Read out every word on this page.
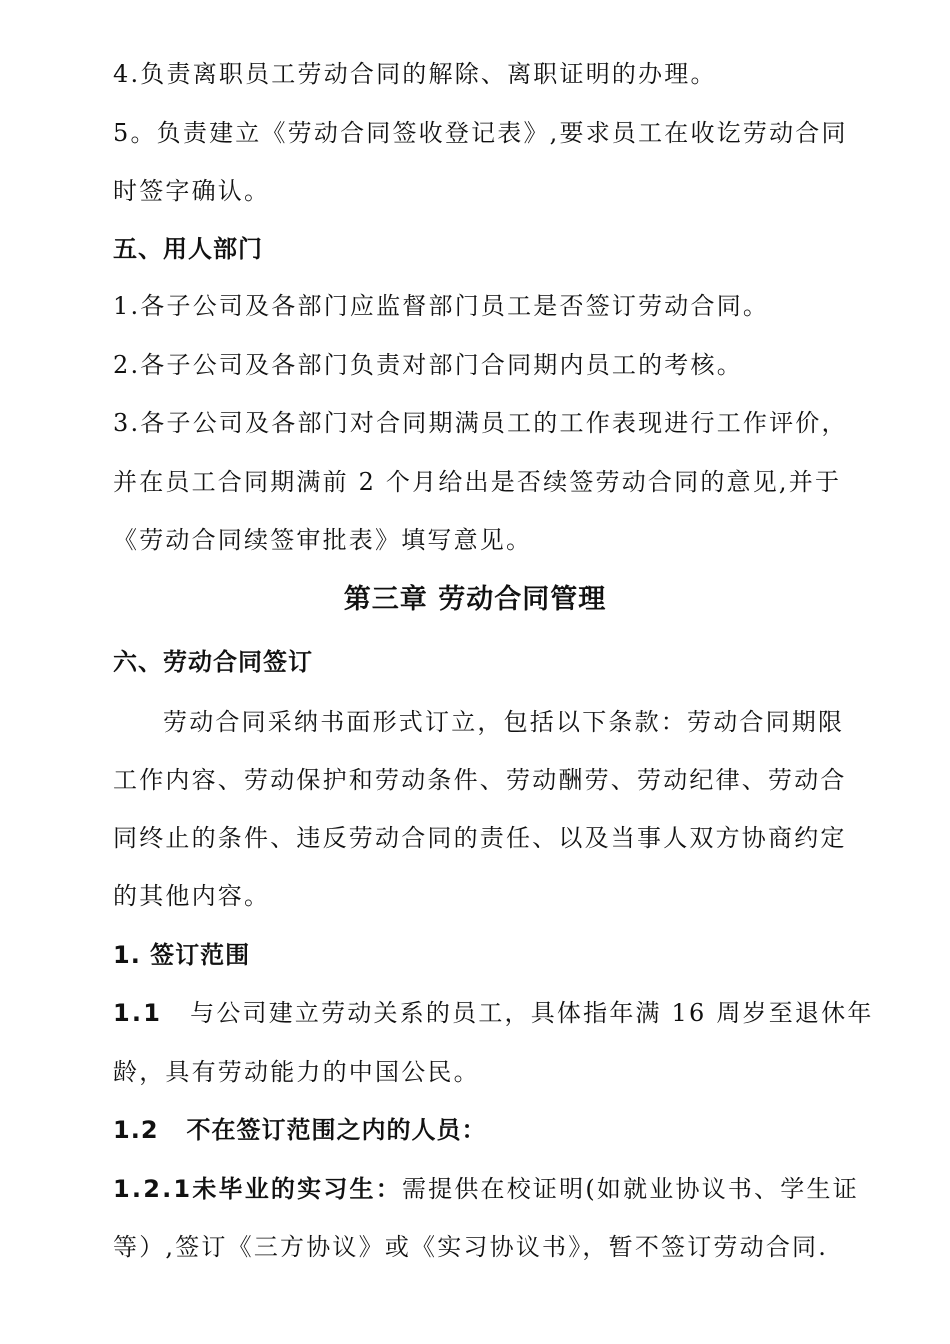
4.负责离职员工劳动合同的解除、离职证明的办理。
5。负责建立《劳动合同签收登记表》,要求员工在收讫劳动合同
时签字确认。
五、用人部门
1.各子公司及各部门应监督部门员工是否签订劳动合同。
2.各子公司及各部门负责对部门合同期内员工的考核。
3.各子公司及各部门对合同期满员工的工作表现进行工作评价，
并在员工合同期满前 2 个月给出是否续签劳动合同的意见,并于
《劳动合同续签审批表》填写意见。
第三章 劳动合同管理
六、劳动合同签订
劳动合同采纳书面形式订立，包括以下条款：劳动合同期限
工作内容、劳动保护和劳动条件、劳动酬劳、劳动纪律、劳动合
同终止的条件、违反劳动合同的责任、以及当事人双方协商约定
的其他内容。
1. 签订范围
1.1 与公司建立劳动关系的员工，具体指年满 16 周岁至退休年
龄，具有劳动能力的中国公民。
1.2 不在签订范围之内的人员：
1.2.1未毕业的实习生：需提供在校证明(如就业协议书、学生证
等）,签订《三方协议》或《实习协议书》，暂不签订劳动合同.
